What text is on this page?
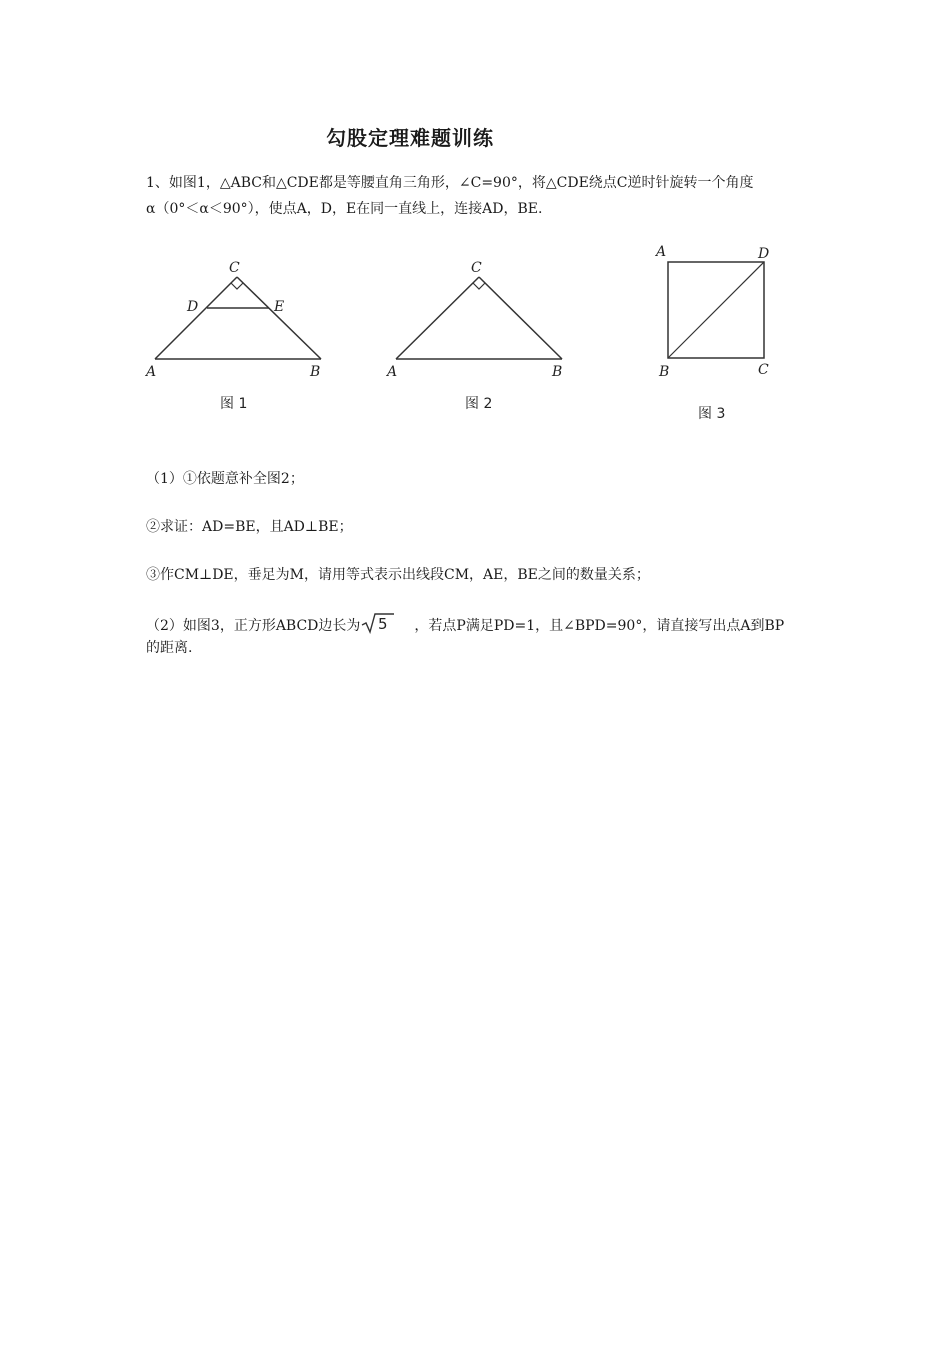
勾股定理难题训练
1、如图1，△ABC和△CDE都是等腰直角三角形，∠C=90°，将△CDE绕点C逆时针旋转一个角度
α（0°＜α＜90°），使点A，D，E在同一直线上，连接AD，BE.
C
D	E
A	B
图 1
C
A	B
图 2
A	D
B	C
图 3
（1）①依题意补全图2；
②求证：AD=BE，且AD⊥BE；
③作CM⊥DE，垂足为M，请用等式表示出线段CM，AE，BE之间的数量关系；
（2）如图3，正方形ABCD边长为 5 ，若点P满足PD=1，且∠BPD=90°，请直接写出点A到BP
的距离.
